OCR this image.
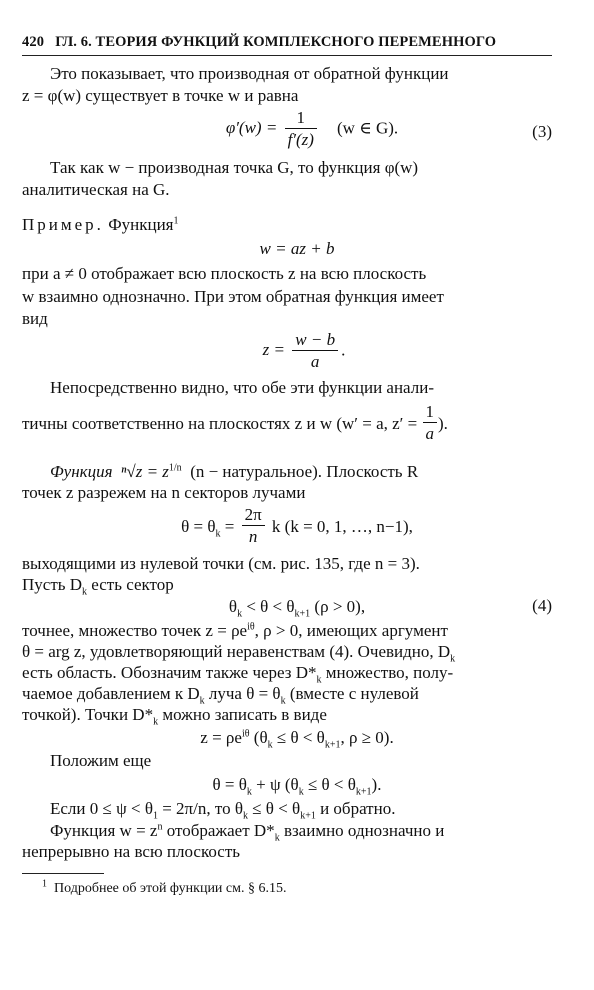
420 ГЛ. 6. ТЕОРИЯ ФУНКЦИЙ КОМПЛЕКСНОГО ПЕРЕМЕННОГО
Это показывает, что производная от обратной функции
z = φ(w) существует в точке w и равна
$\varphi'(w) = \frac{1}{f'(z)} (w$ ∈ G).	(3)
Так как w − производная точка G, то функция φ(w)
аналитическая на G.
Пример. Функция$^1$
w = az + b
при a ≠ 0 отображает всю плоскость z на всю плоскость
w взаимно однозначно. При этом обратная функция имеет
вид
$z = \frac{w - b}{a}$ .
Непосредственно видно, что обе эти функции анали-
тичны соответственно на плоскостях z и w (w′ = a, $z' = \frac{1}{a}$ ).
Функция $^n√z = z^{1/n}$ (n − натуральное). Плоскость R
точек z разрежем на n секторов лучами
$\theta = \theta_k = \frac{2\pi}{n}$ k (k = 0, 1, …, n−1),
выходящими из нулевой точки (см. рис. 135, где n = 3).
Пусть $D_k$ есть сектор
$\theta_k < \theta < \theta_{k+1}$ (ρ > 0),	(4)
точнее, множество точек $z = \rho e^{i\theta}$, ρ > 0, имеющих аргумент
θ = arg z, удовлетворяющий неравенствам (4). Очевидно, $D_k$
есть область. Обозначим также через $D*_k$ множество, полу-
чаемое добавлением к $D_k$ луча $\theta = \theta_k$ (вместе с нулевой
точкой). Точки $D*_k$ можно записать в виде
$z = \rho e^{i\theta}$ ($\theta_k \le \theta < \theta_{k+1}$, ρ ≥ 0).
Положим еще
$\theta = \theta_k + \psi$ $(\theta_k \le \theta < \theta_{k+1})$.
Если $0 \le \psi < \theta_1 = 2\pi/n$, то $\theta_k \le \theta < \theta_{k+1}$ и обратно.
Функция $w = z^n$ отображает $D*_k$ взаимно однозначно и
непрерывно на всю плоскость
$^1$ Подробнее об этой функции см. § 6.15.
